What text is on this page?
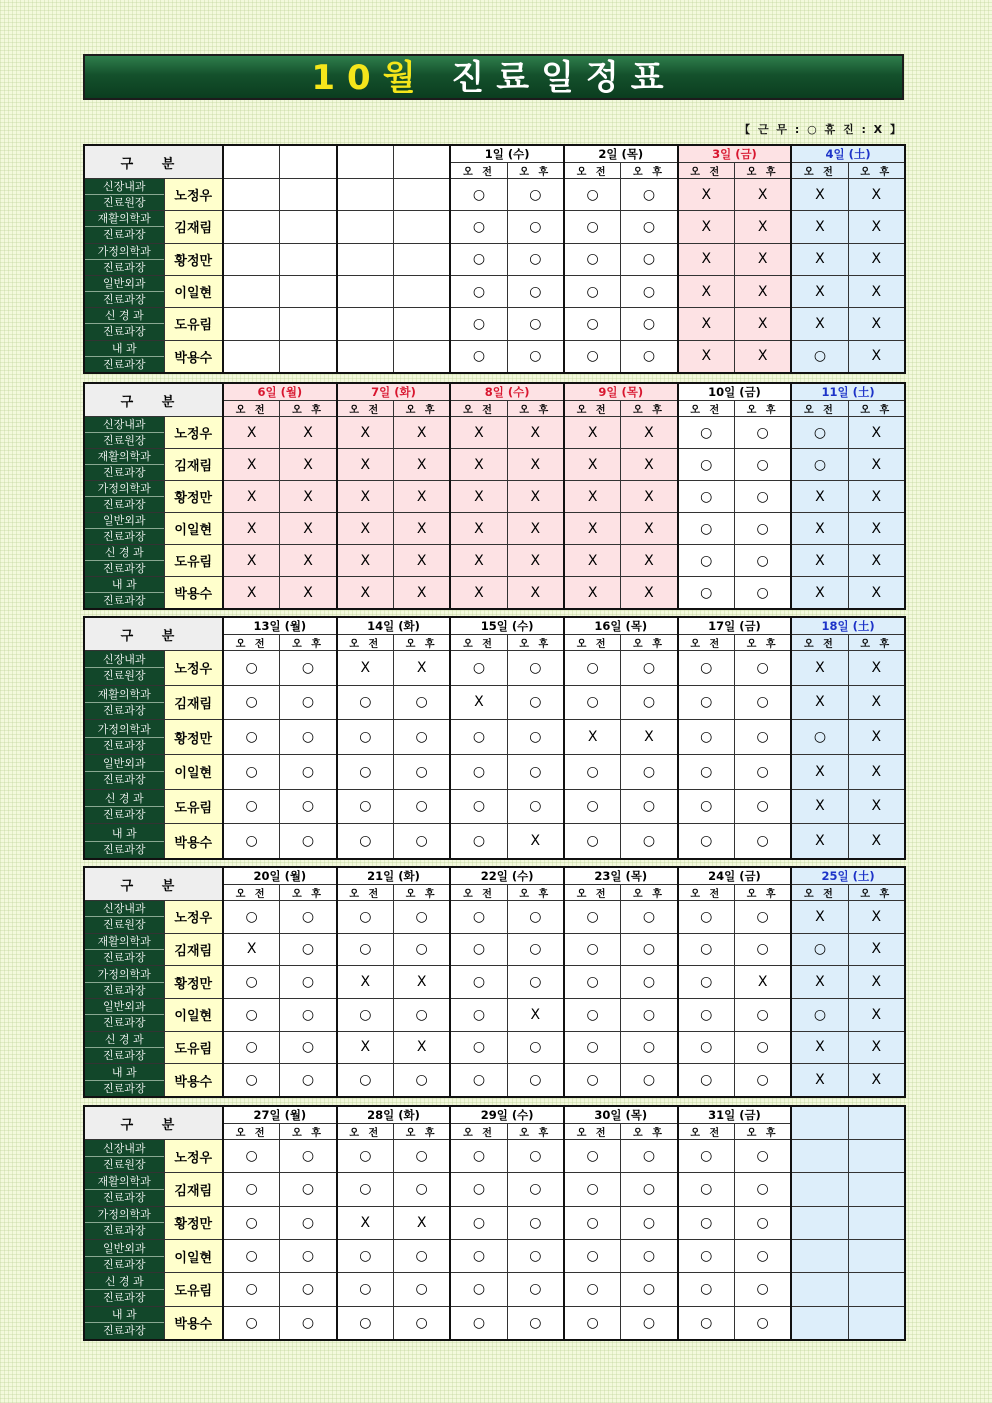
10월 진료일정표
【 근 무 : ○ 휴 진 : X 】
구 분						1일 (수)		2일 (목)		3일 (금)		4일 (土)	
						오 전	오 후	오 전	오 후	오 전	오 후	오 전	오 후

신장내과
진료원장	노정우					○	○	○	○	X	X	X	X

재활의학과
진료과장	김재림					○	○	○	○	X	X	X	X

가정의학과
진료과장	황정만					○	○	○	○	X	X	X	X

일반외과
진료과장	이일현					○	○	○	○	X	X	X	X

신 경 과
진료과장	도유림					○	○	○	○	X	X	X	X

내 과
진료과장	박용수					○	○	○	○	X	X	○	X
구 분		6일 (월)		7일 (화)		8일 (수)		9일 (목)		10일 (금)		11일 (土)	
		오 전	오 후	오 전	오 후	오 전	오 후	오 전	오 후	오 전	오 후	오 전	오 후

신장내과
진료원장	노정우	X	X	X	X	X	X	X	X	○	○	○	X

재활의학과
진료과장	김재림	X	X	X	X	X	X	X	X	○	○	○	X

가정의학과
진료과장	황정만	X	X	X	X	X	X	X	X	○	○	X	X

일반외과
진료과장	이일현	X	X	X	X	X	X	X	X	○	○	X	X

신 경 과
진료과장	도유림	X	X	X	X	X	X	X	X	○	○	X	X

내 과
진료과장	박용수	X	X	X	X	X	X	X	X	○	○	X	X
구 분		13일 (월)		14일 (화)		15일 (수)		16일 (목)		17일 (금)		18일 (土)	
		오 전	오 후	오 전	오 후	오 전	오 후	오 전	오 후	오 전	오 후	오 전	오 후

신장내과
진료원장	노정우	○	○	X	X	○	○	○	○	○	○	X	X

재활의학과
진료과장	김재림	○	○	○	○	X	○	○	○	○	○	X	X

가정의학과
진료과장	황정만	○	○	○	○	○	○	X	X	○	○	○	X

일반외과
진료과장	이일현	○	○	○	○	○	○	○	○	○	○	X	X

신 경 과
진료과장	도유림	○	○	○	○	○	○	○	○	○	○	X	X

내 과
진료과장	박용수	○	○	○	○	○	X	○	○	○	○	X	X
구 분		20일 (월)		21일 (화)		22일 (수)		23일 (목)		24일 (금)		25일 (土)	
		오 전	오 후	오 전	오 후	오 전	오 후	오 전	오 후	오 전	오 후	오 전	오 후

신장내과
진료원장	노정우	○	○	○	○	○	○	○	○	○	○	X	X

재활의학과
진료과장	김재림	X	○	○	○	○	○	○	○	○	○	○	X

가정의학과
진료과장	황정만	○	○	X	X	○	○	○	○	○	X	X	X

일반외과
진료과장	이일현	○	○	○	○	○	X	○	○	○	○	○	X

신 경 과
진료과장	도유림	○	○	X	X	○	○	○	○	○	○	X	X

내 과
진료과장	박용수	○	○	○	○	○	○	○	○	○	○	X	X
구 분		27일 (월)		28일 (화)		29일 (수)		30일 (목)		31일 (금)			
		오 전	오 후	오 전	오 후	오 전	오 후	오 전	오 후	오 전	오 후		

신장내과
진료원장	노정우	○	○	○	○	○	○	○	○	○	○		

재활의학과
진료과장	김재림	○	○	○	○	○	○	○	○	○	○		

가정의학과
진료과장	황정만	○	○	X	X	○	○	○	○	○	○		

일반외과
진료과장	이일현	○	○	○	○	○	○	○	○	○	○		

신 경 과
진료과장	도유림	○	○	○	○	○	○	○	○	○	○		

내 과
진료과장	박용수	○	○	○	○	○	○	○	○	○	○		
